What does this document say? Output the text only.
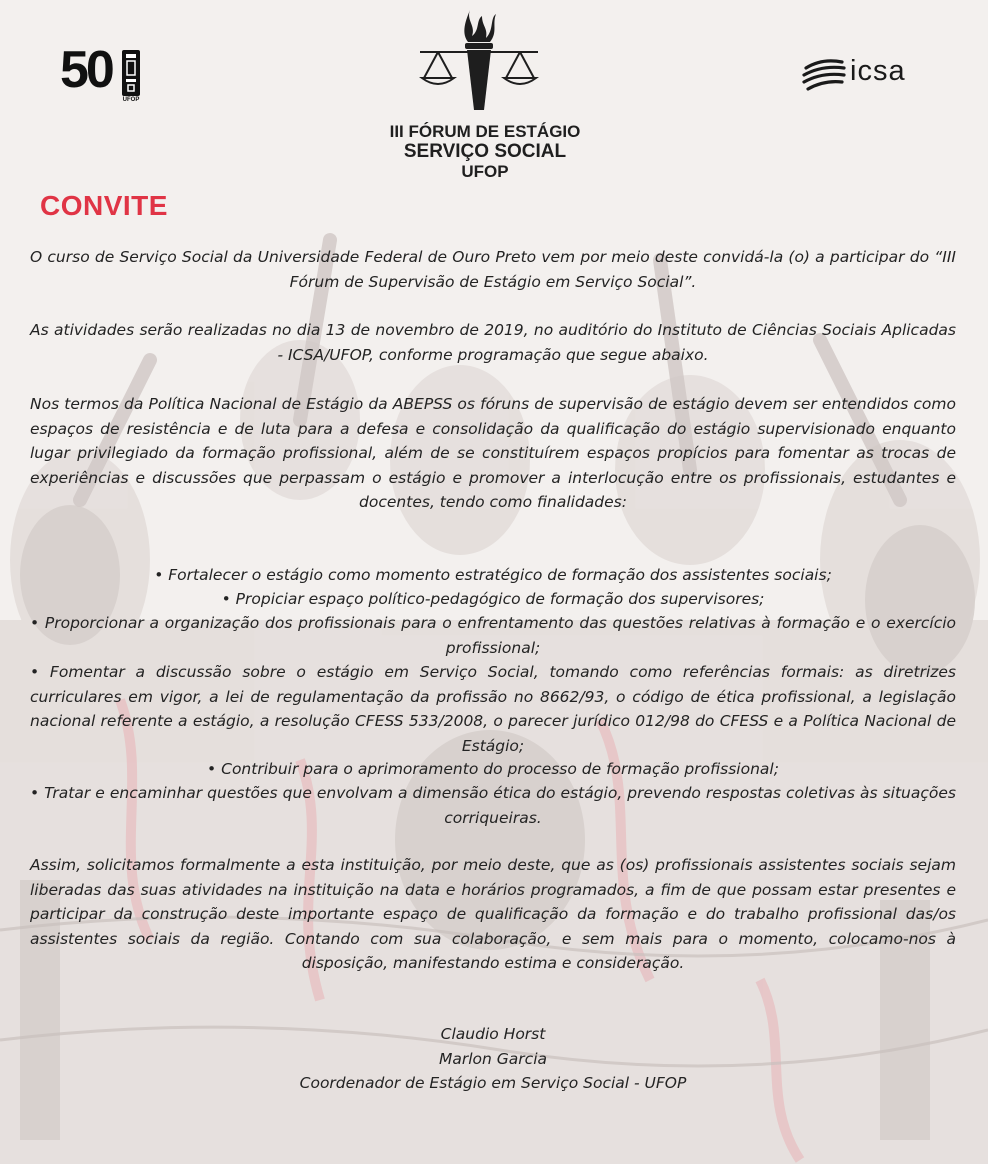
50
UFOP
icsa
III FÓRUM DE ESTÁGIO
SERVIÇO SOCIAL
UFOP
CONVITE

O curso de Serviço Social da Universidade Federal de Ouro Preto vem por meio deste convidá-la (o) a participar do “III Fórum de Supervisão de Estágio em Serviço Social”.

As atividades serão realizadas no dia 13 de novembro de 2019, no auditório do Instituto de Ciências Sociais Aplicadas - ICSA/UFOP, conforme programação que segue abaixo.

Nos termos da Política Nacional de Estágio da ABEPSS os fóruns de supervisão de estágio devem ser entendidos como espaços de resistência e de luta para a defesa e consolidação da qualificação do estágio supervisionado enquanto lugar privilegiado da formação profissional, além de se constituírem espaços propícios para fomentar as trocas de experiências e discussões que perpassam o estágio e promover a interlocução entre os profissionais, estudantes e docentes, tendo como finalidades:

• Fortalecer o estágio como momento estratégico de formação dos assistentes sociais;

• Propiciar espaço político-pedagógico de formação dos supervisores;

• Proporcionar a organização dos profissionais para o enfrentamento das questões relativas à formação e o exercício profissional;

• Fomentar a discussão sobre o estágio em Serviço Social, tomando como referências formais: as diretrizes curriculares em vigor, a lei de regulamentação da profissão no 8662/93, o código de ética profissional, a legislação nacional referente a estágio, a resolução CFESS 533/2008, o parecer jurídico 012/98 do CFESS e a Política Nacional de Estágio;

• Contribuir para o aprimoramento do processo de formação profissional;

• Tratar e encaminhar questões que envolvam a dimensão ética do estágio, prevendo respostas coletivas às situações corriqueiras.

Assim, solicitamos formalmente a esta instituição, por meio deste, que as (os) profissionais assistentes sociais sejam liberadas das suas atividades na instituição na data e horários programados, a fim de que possam estar presentes e participar da construção deste importante espaço de qualificação da formação e do trabalho profissional das/os assistentes sociais da região. Contando com sua colaboração, e sem mais para o momento, colocamo-nos à disposição, manifestando estima e consideração.

Claudio Horst
Marlon Garcia
Coordenador de Estágio em Serviço Social - UFOP
